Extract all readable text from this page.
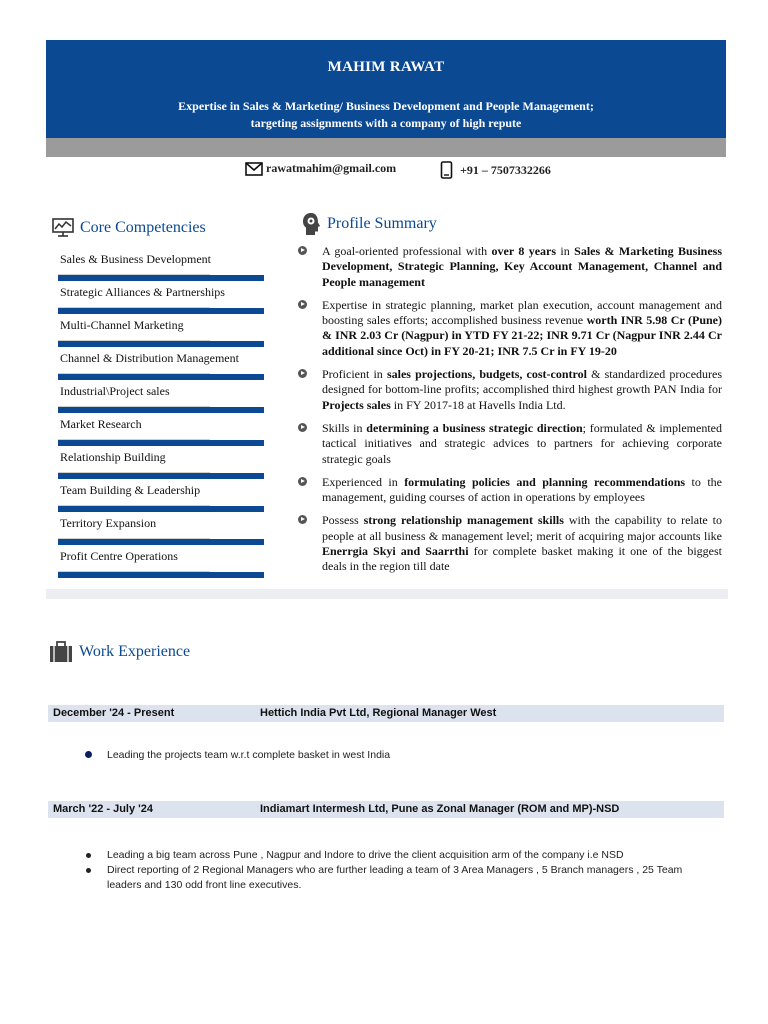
MAHIM RAWAT
Expertise in Sales & Marketing/ Business Development and People Management;
targeting assignments with a company of high repute
rawatmahim@gmail.com	+91 – 7507332266
Core Competencies
Sales & Business Development
Strategic Alliances & Partnerships
Multi-Channel Marketing
Channel & Distribution Management
Industrial\Project sales
Market Research
Relationship Building
Team Building & Leadership
Territory Expansion
Profit Centre Operations
Profile Summary
A goal-oriented professional with over 8 years in Sales & Marketing Business Development, Strategic Planning, Key Account Management, Channel and People management
Expertise in strategic planning, market plan execution, account management and boosting sales efforts; accomplished business revenue worth INR 5.98 Cr (Pune) & INR 2.03 Cr (Nagpur) in YTD FY 21-22; INR 9.71 Cr (Nagpur INR 2.44 Cr additional since Oct) in FY 20-21; INR 7.5 Cr in FY 19-20
Proficient in sales projections, budgets, cost-control & standardized procedures designed for bottom-line profits; accomplished third highest growth PAN India for Projects sales in FY 2017-18 at Havells India Ltd.
Skills in determining a business strategic direction; formulated & implemented tactical initiatives and strategic advices to partners for achieving corporate strategic goals
Experienced in formulating policies and planning recommendations to the management, guiding courses of action in operations by employees
Possess strong relationship management skills with the capability to relate to people at all business & management level; merit of acquiring major accounts like Enerrgia Skyi and Saarrthi for complete basket making it one of the biggest deals in the region till date
Work Experience
December '24 - Present	Hettich India Pvt Ltd, Regional Manager West
Leading the projects team w.r.t complete basket in west India
March '22 - July '24	Indiamart Intermesh Ltd, Pune as Zonal Manager (ROM and MP)-NSD
Leading a big team across Pune , Nagpur and Indore to drive the client acquisition arm of the company i.e NSD
Direct reporting of 2 Regional Managers who are further leading a team of 3 Area Managers , 5 Branch managers , 25 Team leaders and 130 odd front line executives.
